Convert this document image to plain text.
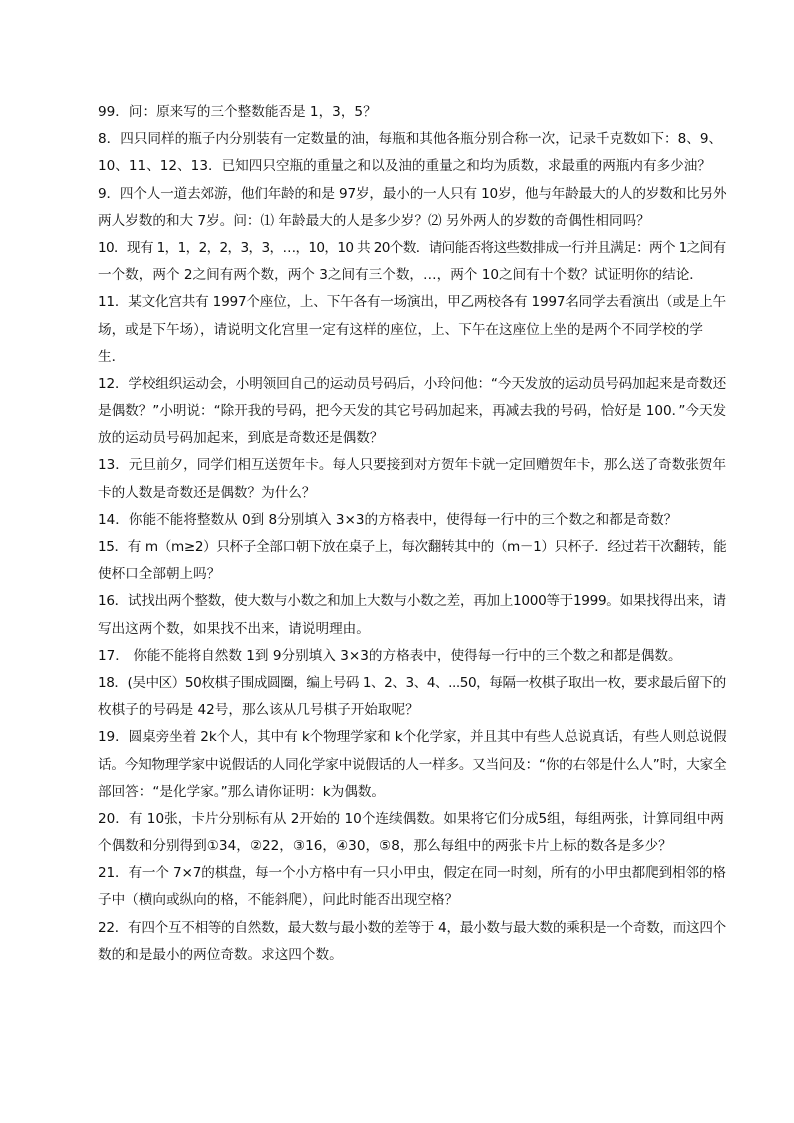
99．问：原来写的三个整数能否是 1，3，5？
8．四只同样的瓶子内分别装有一定数量的油，每瓶和其他各瓶分别合称一次，记录千克数如下：8、9、
10、11、12、13．已知四只空瓶的重量之和以及油的重量之和均为质数，求最重的两瓶内有多少油？
9．四个人一道去郊游，他们年龄的和是 97岁，最小的一人只有 10岁，他与年龄最大的人的岁数和比另外
两人岁数的和大 7岁。问：⑴ 年龄最大的人是多少岁？⑵ 另外两人的岁数的奇偶性相同吗？
10．现有 1，1，2，2，3，3，…，10，10 共 20个数．请问能否将这些数排成一行并且满足：两个 1之间有
一个数，两个 2之间有两个数，两个 3之间有三个数，…，两个 10之间有十个数？试证明你的结论．
11．某文化宫共有 1997个座位，上、下午各有一场演出，甲乙两校各有 1997名同学去看演出（或是上午
场，或是下午场），请说明文化宫里一定有这样的座位，上、下午在这座位上坐的是两个不同学校的学
生．
12．学校组织运动会，小明领回自己的运动员号码后，小玲问他：“今天发放的运动员号码加起来是奇数还
是偶数？”小明说：“除开我的号码，把今天发的其它号码加起来，再减去我的号码，恰好是 100．”今天发
放的运动员号码加起来，到底是奇数还是偶数？
13．元旦前夕，同学们相互送贺年卡。每人只要接到对方贺年卡就一定回赠贺年卡，那么送了奇数张贺年
卡的人数是奇数还是偶数？为什么？
14．你能不能将整数从 0到 8分别填入 3×3的方格表中，使得每一行中的三个数之和都是奇数？
15．有 m（m≥2）只杯子全部口朝下放在桌子上，每次翻转其中的（m－1）只杯子．经过若干次翻转，能
使杯口全部朝上吗？
16．试找出两个整数，使大数与小数之和加上大数与小数之差，再加上1000等于1999。如果找得出来，请
写出这两个数，如果找不出来，请说明理由。
17． 你能不能将自然数 1到 9分别填入 3×3的方格表中，使得每一行中的三个数之和都是偶数。
18．(吴中区）50枚棋子围成圆圈，编上号码 1、2、3、4、...50，每隔一枚棋子取出一枚，要求最后留下的
枚棋子的号码是 42号，那么该从几号棋子开始取呢？
19．圆桌旁坐着 2k个人，其中有 k个物理学家和 k个化学家，并且其中有些人总说真话，有些人则总说假
话。今知物理学家中说假话的人同化学家中说假话的人一样多。又当问及：“你的右邻是什么人”时，大家全
部回答：“是化学家。”那么请你证明：k为偶数。
20．有 10张，卡片分别标有从 2开始的 10个连续偶数。如果将它们分成5组，每组两张，计算同组中两
个偶数和分别得到①34，②22，③16，④30，⑤8，那么每组中的两张卡片上标的数各是多少？
21．有一个 7×7的棋盘，每一个小方格中有一只小甲虫，假定在同一时刻，所有的小甲虫都爬到相邻的格
子中（横向或纵向的格，不能斜爬），问此时能否出现空格？
22．有四个互不相等的自然数，最大数与最小数的差等于 4，最小数与最大数的乘积是一个奇数，而这四个
数的和是最小的两位奇数。求这四个数。
